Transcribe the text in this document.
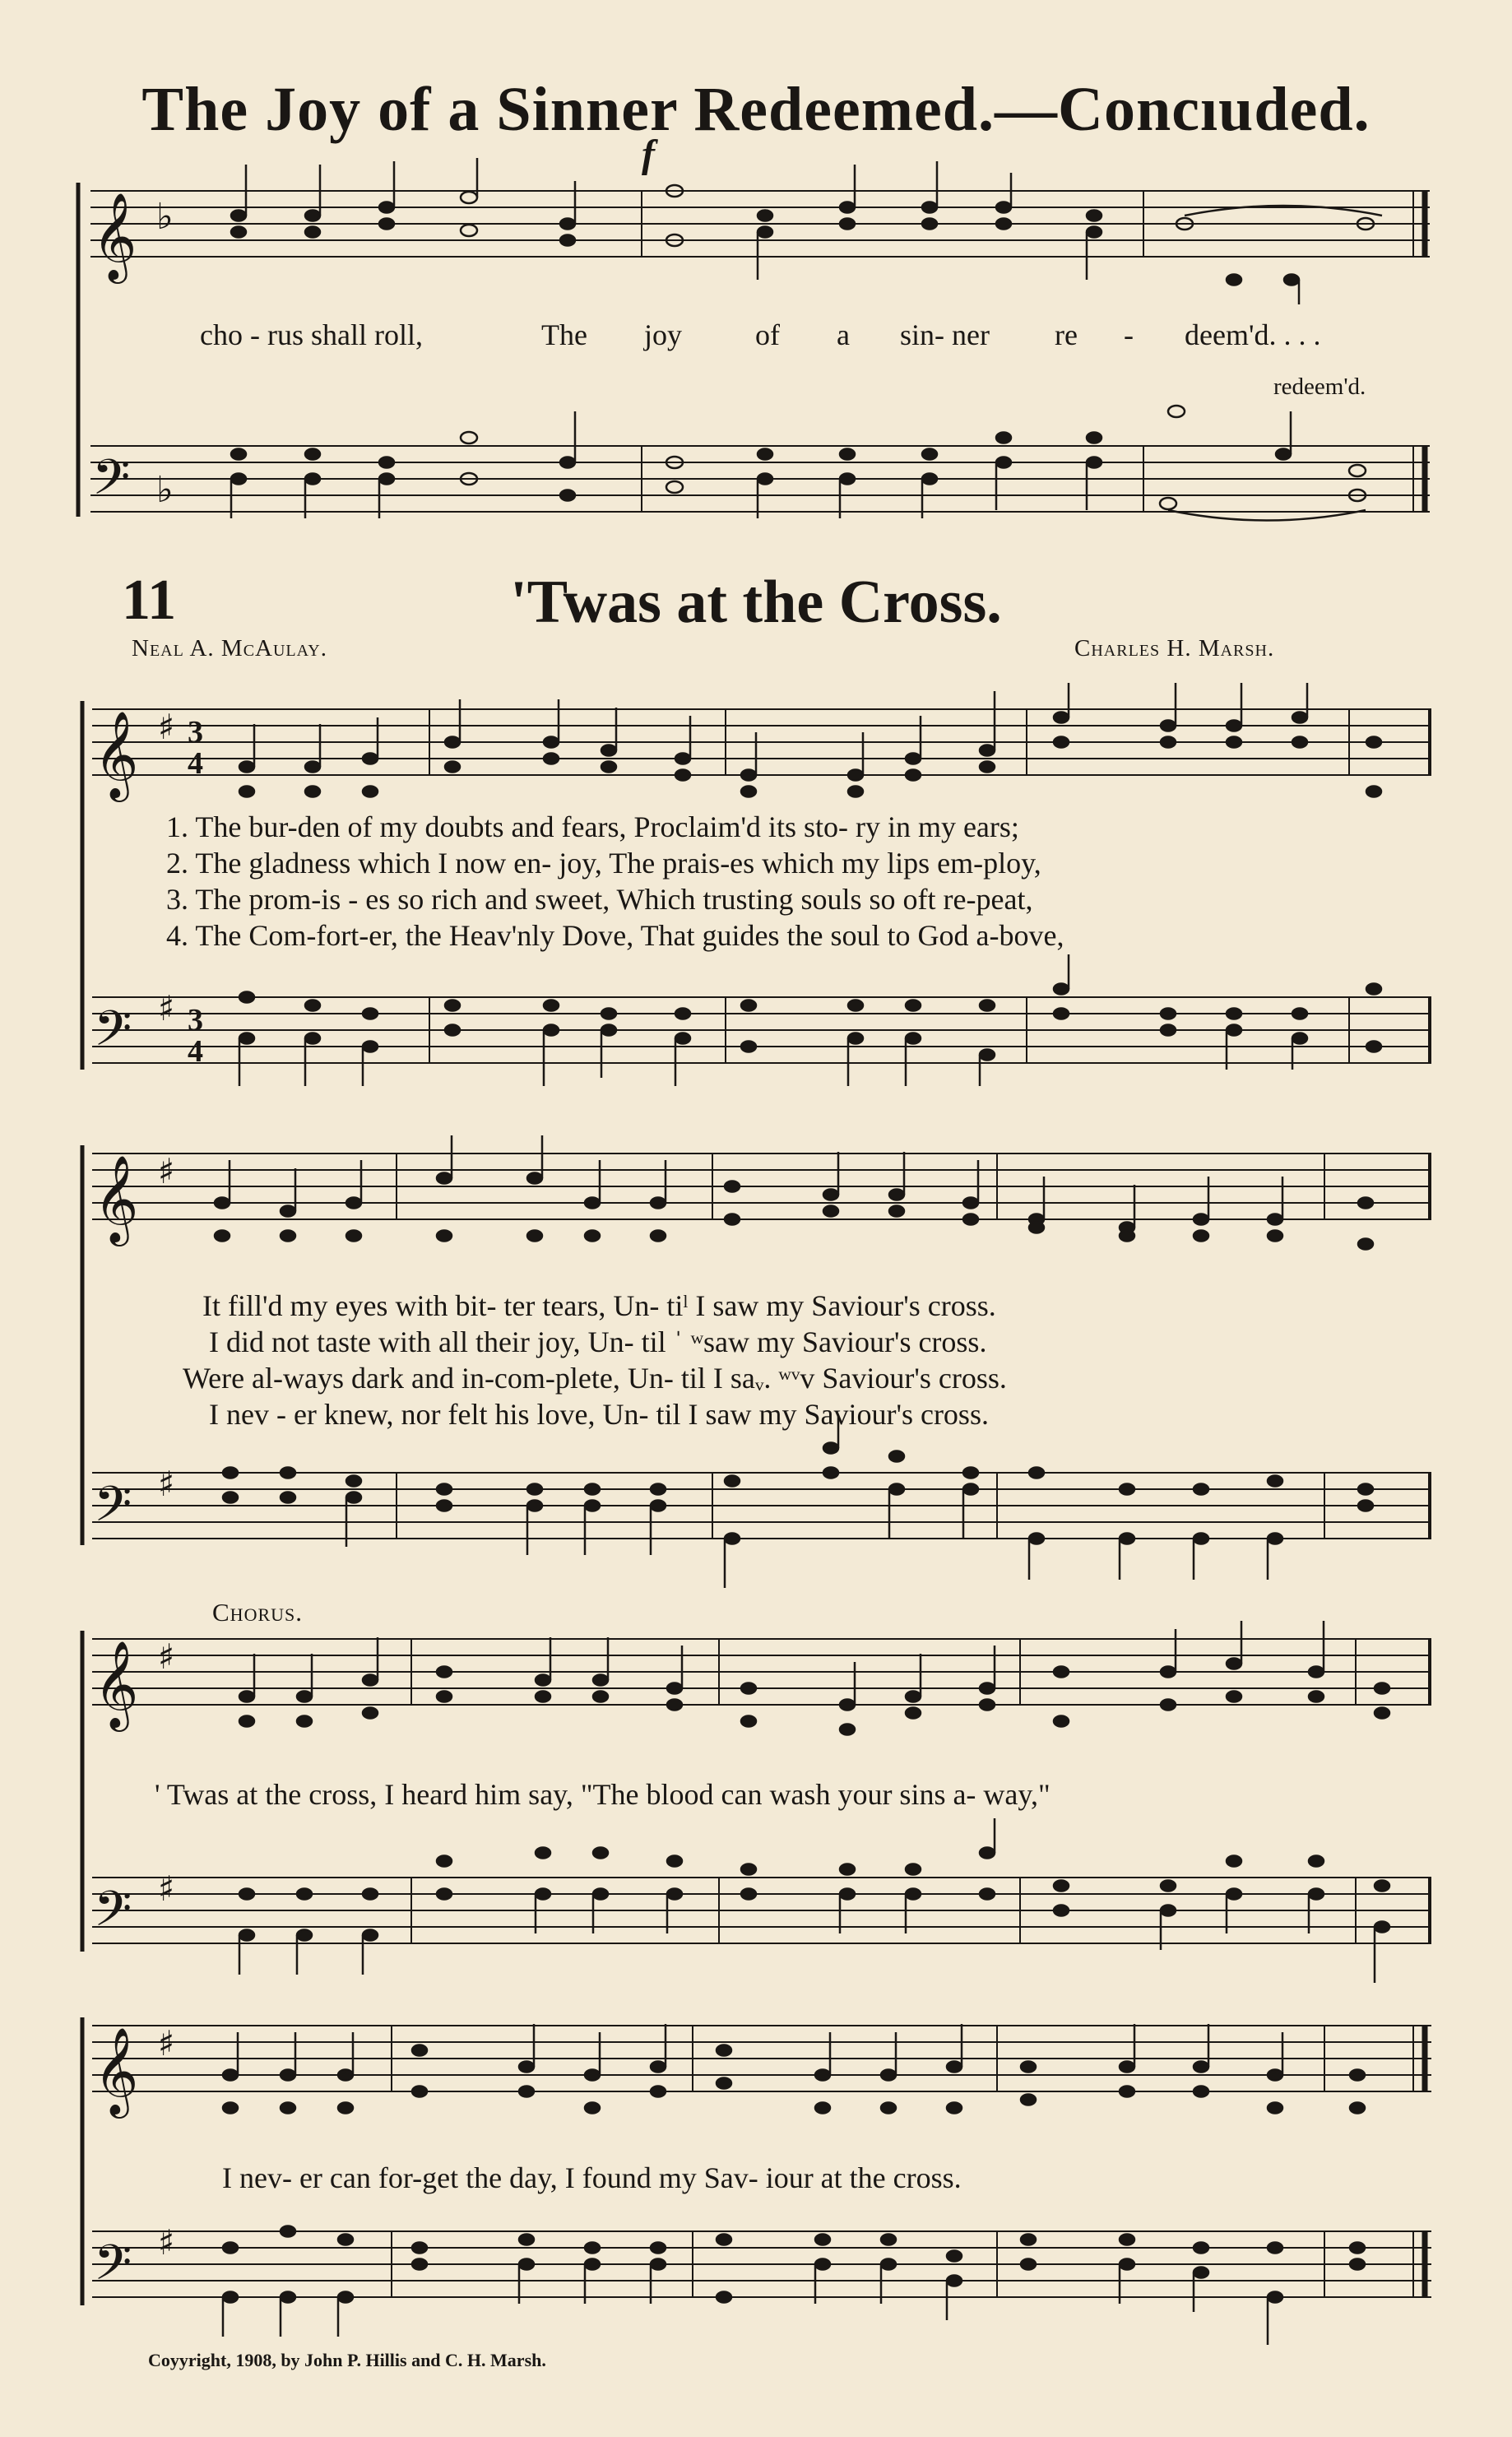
The Joy of a Sinner Redeemed.—Concıuded.
f
𝄞
𝄢
♭
♭
cho - rus shall roll,	The joy of a sin- ner re - deem'd. . . .
redeem'd.
11	'Twas at the Cross.
Neal A. McAulay.	Charles H. Marsh.
𝄞
𝄢
♯
♯
3
4
3
4
1. The bur-den of my doubts and fears, Proclaim'd its sto- ry in my ears;
2. The gladness which I now en- joy, The prais-es which my lips em-ploy,
3. The prom-is - es so rich and sweet, Which trusting souls so oft re-peat,
4. The Com-fort-er, the Heav'nly Dove, That guides the soul to God a-bove,
𝄞
𝄢
♯
♯
It fill'd my eyes with bit- ter tears, Un- tiˡ I saw my Saviour's cross.
I did not taste with all their joy, Un- til ˈ ʷsaw my Saviour's cross.
Were al-ways dark and in-com-plete, Un- til I saᵥ. ʷᵛv Saviour's cross.
I nev - er knew, nor felt his love, Un- til I saw my Saviour's cross.
Chorus.
𝄞
𝄢
♯
♯
' Twas at the cross, I heard him say, "The blood can wash your sins a- way,"
𝄞
𝄢
♯
♯
I nev- er can for-get the day, I found my Sav- iour at the cross.
Coyyright, 1908, by John P. Hillis and C. H. Marsh.
